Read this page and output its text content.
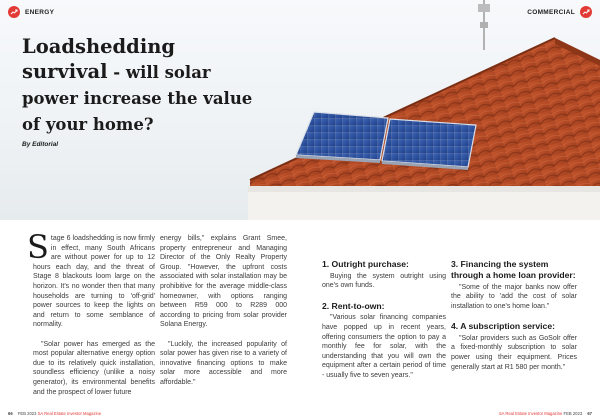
ENERGY	COMMERCIAL
Loadshedding
survival - will solar power increase the value of your home?
By Editorial

Stage 6 loadshedding is now firmly in effect, many South Africans are without power for up to 12 hours each day, and the threat of Stage 8 blackouts loom large on the horizon. It's no wonder then that many households are turning to 'off-grid' power sources to keep the lights on and return to some semblance of normality.

"Solar power has emerged as the most popular alternative energy option due to its relatively quick installation, soundless efficiency (unlike a noisy generator), its environmental benefits and the prospect of lower future

energy bills," explains Grant Smee, property entrepreneur and Managing Director of the Only Realty Property Group. "However, the upfront costs associated with solar installation may be prohibitive for the average middle-class homeowner, with options ranging between R59 000 to R289 000 according to pricing from solar provider Solana Energy.

"Luckily, the increased popularity of solar power has given rise to a variety of innovative financing options to make solar more accessible and more affordable."

1. Outright purchase:

Buying the system outright using one's own funds.

2. Rent-to-own:

"Various solar financing companies have popped up in recent years, offering consumers the option to pay a monthly fee for solar, with the understanding that you will own the equipment after a certain period of time - usually five to seven years."

3. Financing the system through a home loan provider:

"Some of the major banks now offer the ability to 'add the cost of solar installation to one's home loan."

4. A subscription service:

"Solar providers such as GoSolr offer a fixed-monthly subscription to solar power using their equipment. Prices generally start at R1 580 per month."

66 FEB 2023 SA Real Estate Investor Magazine	SA Real Estate Investor Magazine FEB 2023 67
